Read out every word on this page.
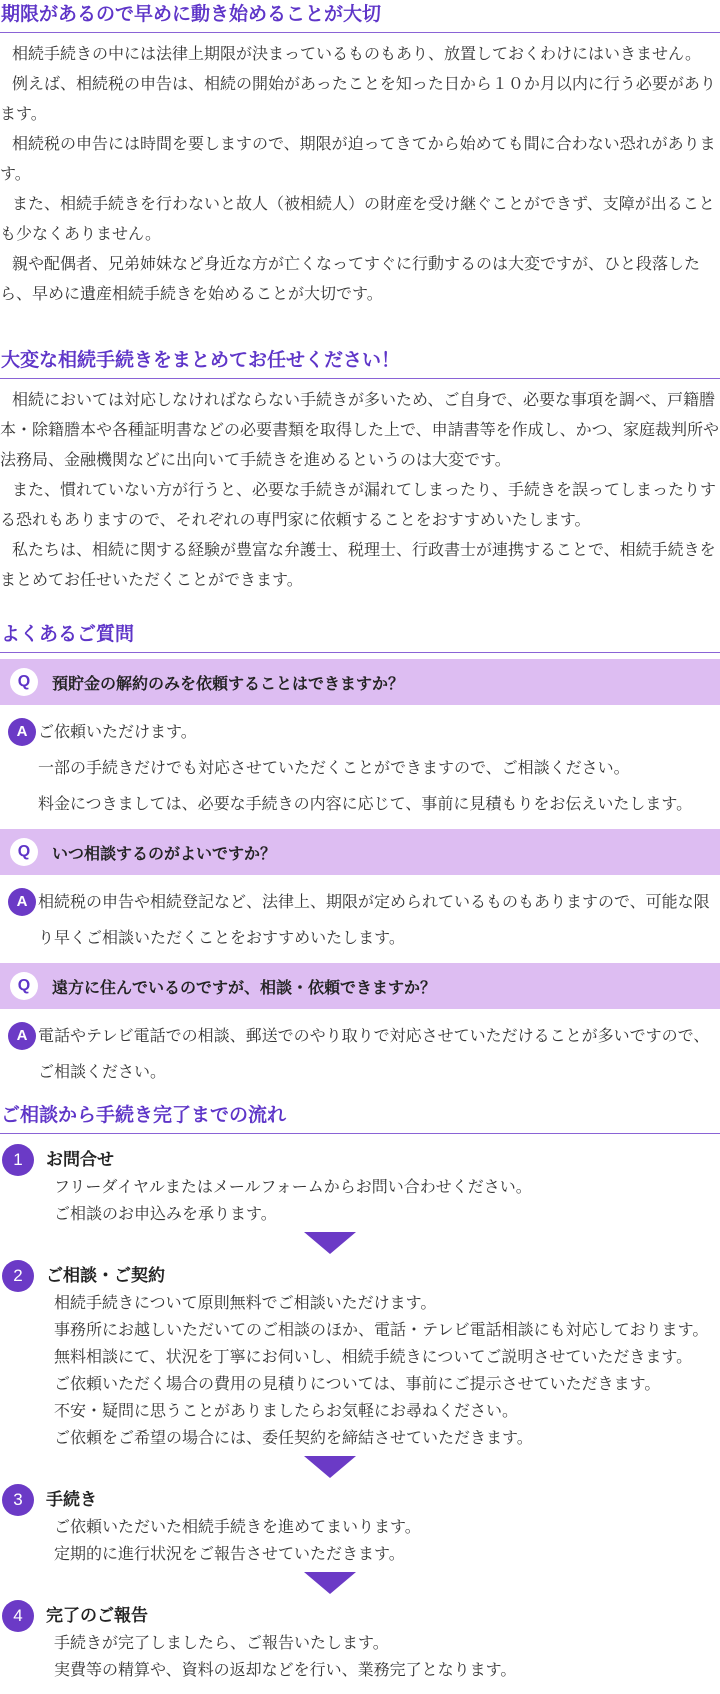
期限があるので早めに動き始めることが大切

相続手続きの中には法律上期限が決まっているものもあり、放置しておくわけにはいきません。

例えば、相続税の申告は、相続の開始があったことを知った日から１０か月以内に行う必要があります。

相続税の申告には時間を要しますので、期限が迫ってきてから始めても間に合わない恐れがあります。

また、相続手続きを行わないと故人（被相続人）の財産を受け継ぐことができず、支障が出ることも少なくありません。

親や配偶者、兄弟姉妹など身近な方が亡くなってすぐに行動するのは大変ですが、ひと段落したら、早めに遺産相続手続きを始めることが大切です。

大変な相続手続きをまとめてお任せください！

相続においては対応しなければならない手続きが多いため、ご自身で、必要な事項を調べ、戸籍謄本・除籍謄本や各種証明書などの必要書類を取得した上で、申請書等を作成し、かつ、家庭裁判所や法務局、金融機関などに出向いて手続きを進めるというのは大変です。

また、慣れていない方が行うと、必要な手続きが漏れてしまったり、手続きを誤ってしまったりする恐れもありますので、それぞれの専門家に依頼することをおすすめいたします。

私たちは、相続に関する経験が豊富な弁護士、税理士、行政書士が連携することで、相続手続きをまとめてお任せいただくことができます。

よくあるご質問
Q	預貯金の解約のみを依頼することはできますか？
A ご依頼いただけます。
一部の手続きだけでも対応させていただくことができますので、ご相談ください。
料金につきましては、必要な手続きの内容に応じて、事前に見積もりをお伝えいたします。
Q	いつ相談するのがよいですか？
A 相続税の申告や相続登記など、法律上、期限が定められているものもありますので、可能な限り早くご相談いただくことをおすすめいたします。
Q	遠方に住んでいるのですが、相談・依頼できますか？
A 電話やテレビ電話での相談、郵送でのやり取りで対応させていただけることが多いですので、ご相談ください。
ご相談から手続き完了までの流れ
1	お問合せ
フリーダイヤルまたはメールフォームからお問い合わせください。
ご相談のお申込みを承ります。
2	ご相談・ご契約
相続手続きについて原則無料でご相談いただけます。
事務所にお越しいただいてのご相談のほか、電話・テレビ電話相談にも対応しております。
無料相談にて、状況を丁寧にお伺いし、相続手続きについてご説明させていただきます。
ご依頼いただく場合の費用の見積りについては、事前にご提示させていただきます。
不安・疑問に思うことがありましたらお気軽にお尋ねください。
ご依頼をご希望の場合には、委任契約を締結させていただきます。
3	手続き
ご依頼いただいた相続手続きを進めてまいります。
定期的に進行状況をご報告させていただきます。
4	完了のご報告
手続きが完了しましたら、ご報告いたします。
実費等の精算や、資料の返却などを行い、業務完了となります。
